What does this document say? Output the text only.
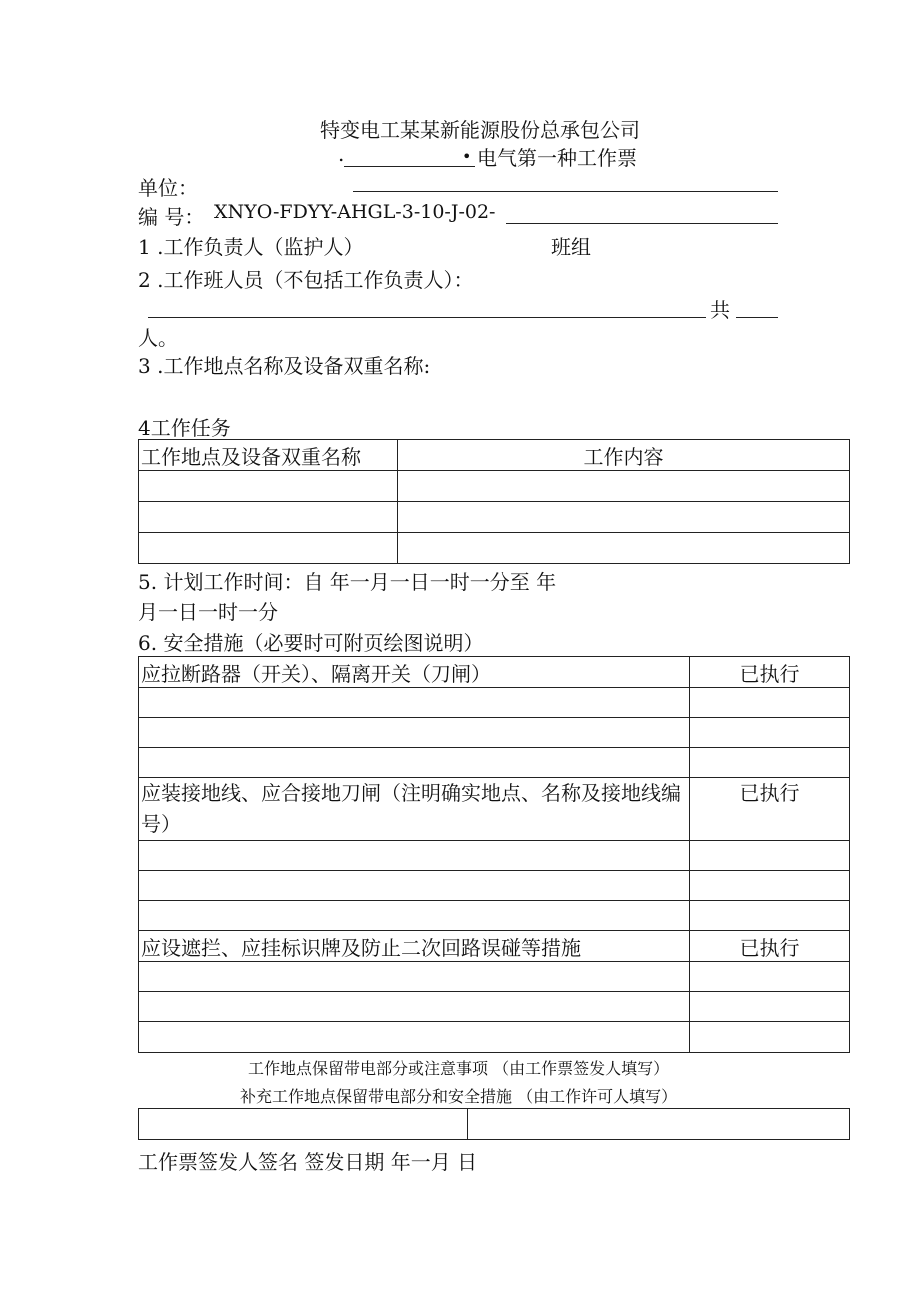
特变电工某某新能源股份总承包公司
.	• 电气第一种工作票
单位：
编 号： XNYO-FDYY-AHGL-3-10-J-02-
1 .工作负责人（监护人）	班组
2 .工作班人员（不包括工作负责人）：
共
人。
3 .工作地点名称及设备双重名称:
4工作任务
工作地点及设备双重名称	工作内容

5. 计划工作时间：自 年一月一日一时一分至 年
月一日一时一分
6. 安全措施（必要时可附页绘图说明）
应拉断路器（开关）、隔离开关（刀闸）	已执行

应装接地线、应合接地刀闸（注明确实地点、名称及接地线编号）	已执行

应设遮拦、应挂标识牌及防止二次回路误碰等措施	已执行

工作地点保留带电部分或注意事项 （由工作票签发人填写）
补充工作地点保留带电部分和安全措施 （由工作许可人填写）

工作票签发人签名 签发日期 年一月 日
